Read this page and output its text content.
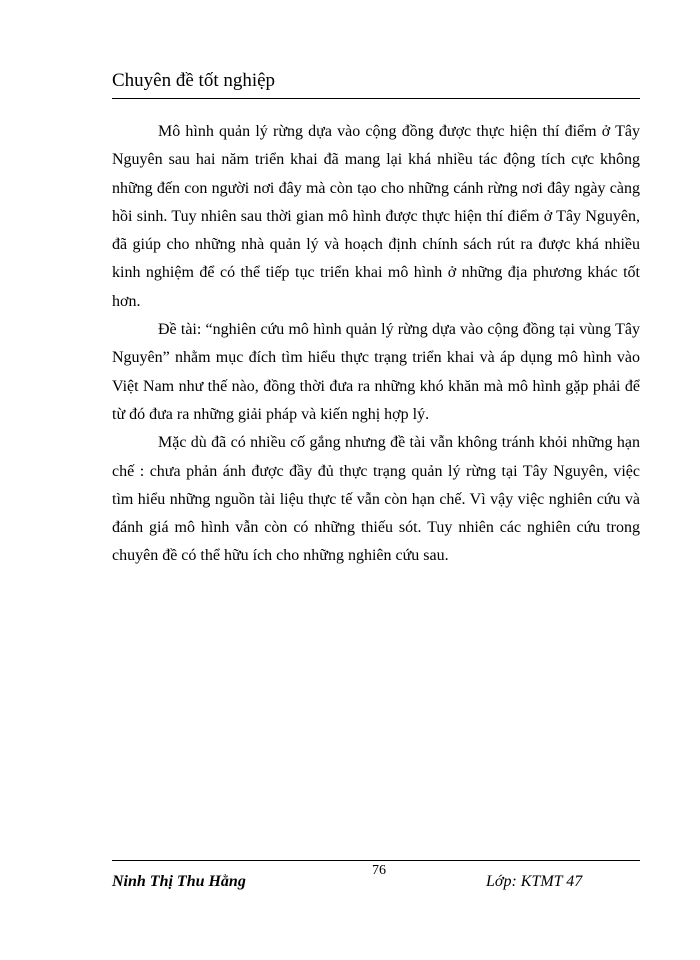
Chuyên đề tốt nghiệp

Mô hình quản lý rừng dựa vào cộng đồng được thực hiện thí điểm ở Tây Nguyên sau hai năm triển khai đã mang lại khá nhiều tác động tích cực không những đến con người nơi đây mà còn tạo cho những cánh rừng nơi đây ngày càng hồi sinh. Tuy nhiên sau thời gian mô hình được thực hiện thí điểm ở Tây Nguyên, đã giúp cho những nhà quản lý và hoạch định chính sách rút ra được khá nhiều kinh nghiệm để có thể tiếp tục triển khai mô hình ở những địa phương khác tốt hơn.

Đề tài: “nghiên cứu mô hình quản lý rừng dựa vào cộng đồng tại vùng Tây Nguyên” nhằm mục đích tìm hiểu thực trạng triển khai và áp dụng mô hình vào Việt Nam như thế nào, đồng thời đưa ra những khó khăn mà mô hình gặp phải để từ đó đưa ra những giải pháp và kiến nghị hợp lý.

Mặc dù đã có nhiều cố gắng nhưng đề tài vẫn không tránh khỏi những hạn chế : chưa phản ánh được đầy đủ thực trạng quản lý rừng tại Tây Nguyên, việc tìm hiểu những nguồn tài liệu thực tế vẫn còn hạn chế. Vì vậy việc nghiên cứu và đánh giá mô hình vẫn còn có những thiếu sót. Tuy nhiên các nghiên cứu trong chuyên đề có thể hữu ích cho những nghiên cứu sau.

Ninh Thị Thu Hằng
76
Lớp: KTMT 47
